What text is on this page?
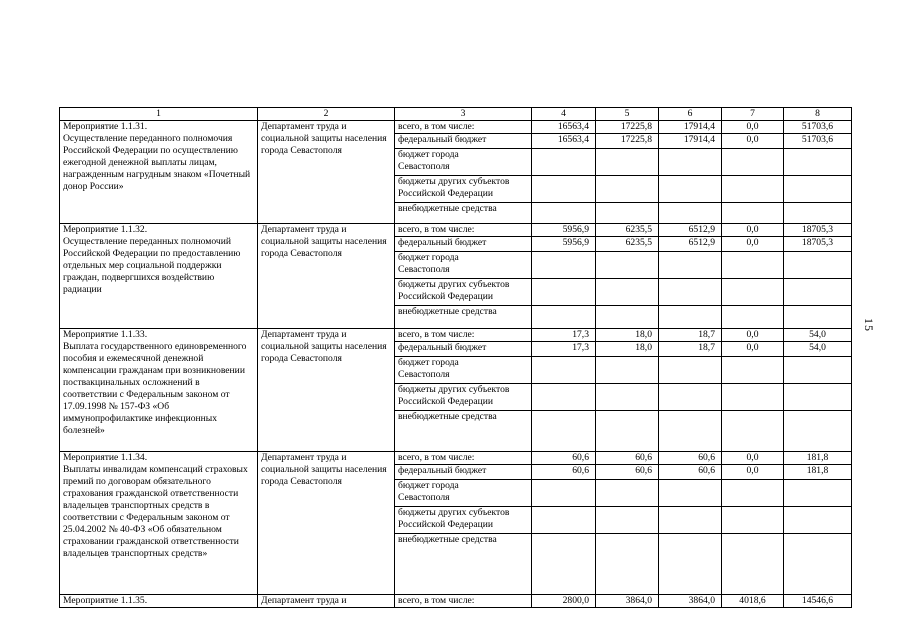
1	2	3	4	5	6	7	8
Мероприятие 1.1.31.
Осуществление переданного полномочия Российской Федерации по осуществлению ежегодной денежной выплаты лицам, награжденным нагрудным знаком «Почетный донор России»	Департамент труда и социальной защиты населения города Севастополя	всего, в том числе:	16563,4	17225,8	17914,4	0,0	51703,6
		федеральный бюджет	16563,4	17225,8	17914,4	0,0	51703,6
		бюджет города
Севастополя					
		бюджеты других субъектов
Российской Федерации					
		внебюджетные средства					
Мероприятие 1.1.32.
Осуществление переданных полномочий Российской Федерации по предоставлению отдельных мер социальной поддержки граждан, подвергшихся воздействию радиации	Департамент труда и социальной защиты населения города Севастополя	всего, в том числе:	5956,9	6235,5	6512,9	0,0	18705,3
		федеральный бюджет	5956,9	6235,5	6512,9	0,0	18705,3
		бюджет города
Севастополя					
		бюджеты других субъектов
Российской Федерации					
		внебюджетные средства					
Мероприятие 1.1.33.
Выплата государственного единовременного пособия и ежемесячной денежной компенсации гражданам при возникновении поствакцинальных осложнений в соответствии с Федеральным законом от 17.09.1998 № 157-ФЗ «Об иммунопрофилактике инфекционных болезней»	Департамент труда и социальной защиты населения города Севастополя	всего, в том числе:	17,3	18,0	18,7	0,0	54,0
		федеральный бюджет	17,3	18,0	18,7	0,0	54,0
		бюджет города
Севастополя					
		бюджеты других субъектов
Российской Федерации					
		внебюджетные средства					
Мероприятие 1.1.34.
Выплаты инвалидам компенсаций страховых премий по договорам обязательного страхования гражданской ответственности владельцев транспортных средств в соответствии с Федеральным законом от 25.04.2002 № 40-ФЗ «Об обязательном страховании гражданской ответственности владельцев транспортных средств»	Департамент труда и социальной защиты населения города Севастополя	всего, в том числе:	60,6	60,6	60,6	0,0	181,8
		федеральный бюджет	60,6	60,6	60,6	0,0	181,8
		бюджет города
Севастополя					
		бюджеты других субъектов
Российской Федерации					
		внебюджетные средства					
Мероприятие 1.1.35.	Департамент труда и	всего, в том числе:	2800,0	3864,0	3864,0	4018,6	14546,6
15
